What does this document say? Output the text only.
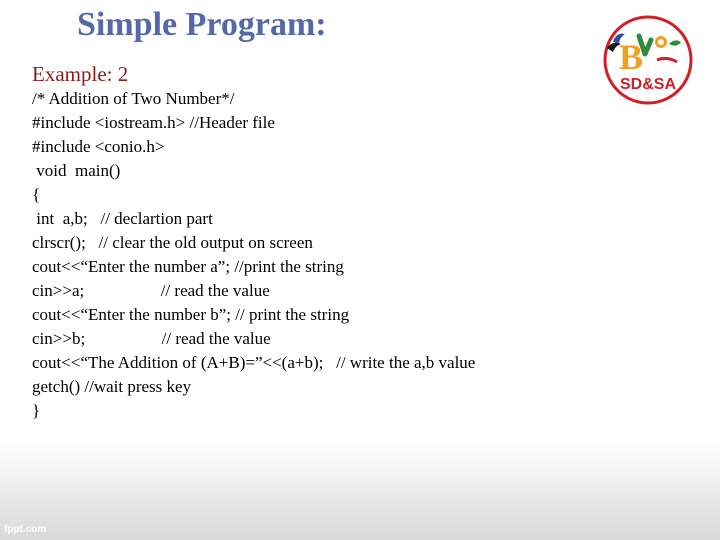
Simple Program:
Example: 2
/* Addition of Two Number*/
#include <iostream.h> //Header file
#include <conio.h>
void  main()
{
int  a,b;   // declartion part
clrscr();   // clear the old output on screen
cout<<“Enter the number a”; //print the string
cin>>a;                  // read the value
cout<<“Enter the number b”; // print the string
cin>>b;                  // read the value
cout<<“The Addition of (A+B)=”<<(a+b);   // write the a,b value
getch() //wait press key
}
B
SD&SA
fppt.com
